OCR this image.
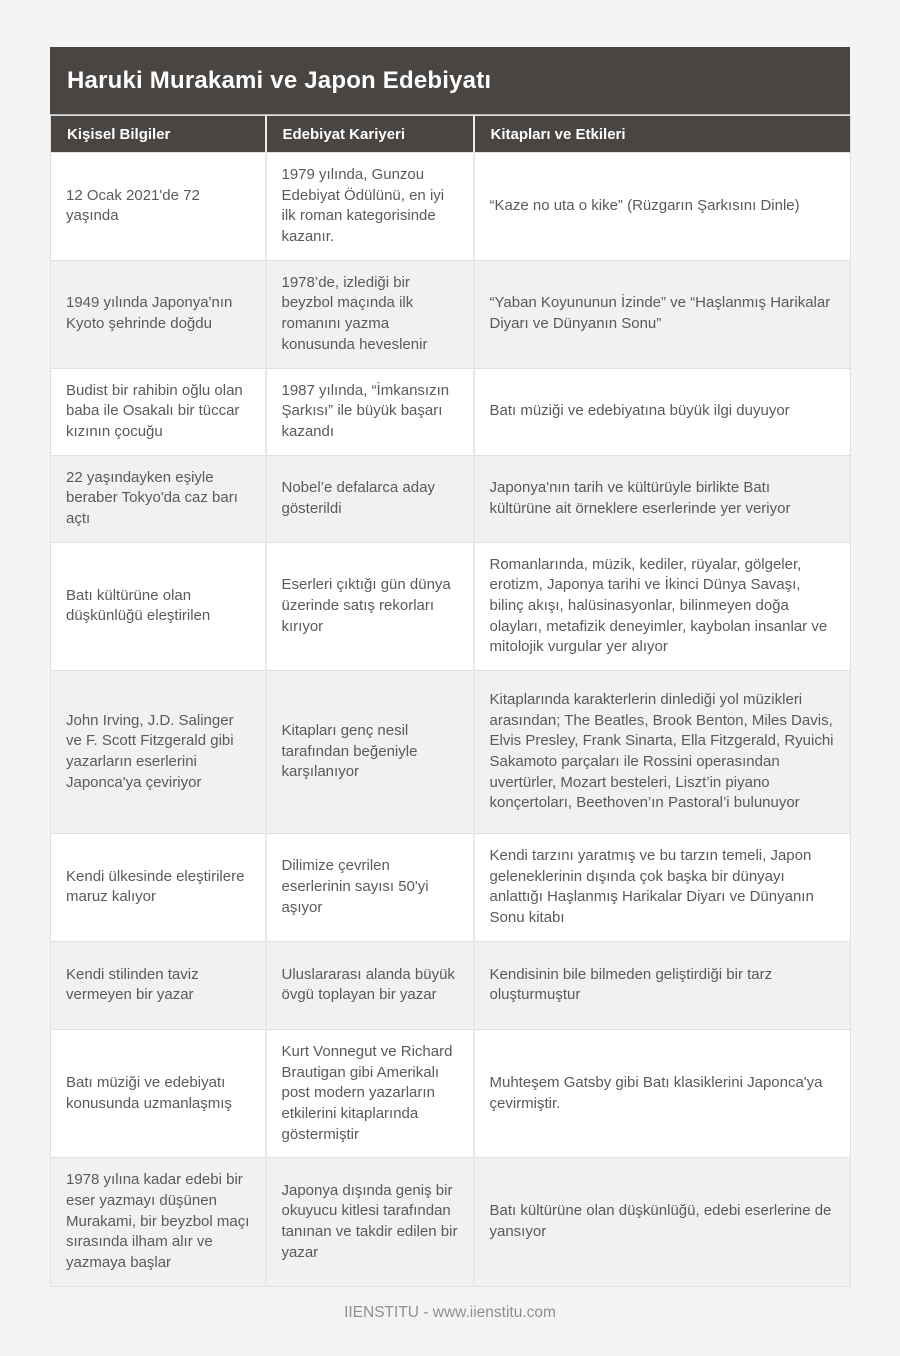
Haruki Murakami ve Japon Edebiyatı
Kişisel Bilgiler	Edebiyat Kariyeri	Kitapları ve Etkileri
12 Ocak 2021'de 72 yaşında	1979 yılında, Gunzou Edebiyat Ödülünü, en iyi ilk roman kategorisinde kazanır.	“Kaze no uta o kike” (Rüzgarın Şarkısını Dinle)
1949 yılında Japonya'nın Kyoto şehrinde doğdu	1978’de, izlediği bir beyzbol maçında ilk romanını yazma konusunda heveslenir	“Yaban Koyununun İzinde” ve “Haşlanmış Harikalar Diyarı ve Dünyanın Sonu”
Budist bir rahibin oğlu olan baba ile Osakalı bir tüccar kızının çocuğu	1987 yılında, “İmkansızın Şarkısı” ile büyük başarı kazandı	Batı müziği ve edebiyatına büyük ilgi duyuyor
22 yaşındayken eşiyle beraber Tokyo'da caz barı açtı	Nobel’e defalarca aday gösterildi	Japonya'nın tarih ve kültürüyle birlikte Batı kültürüne ait örneklere eserlerinde yer veriyor
Batı kültürüne olan düşkünlüğü eleştirilen	Eserleri çıktığı gün dünya üzerinde satış rekorları kırıyor	Romanlarında, müzik, kediler, rüyalar, gölgeler, erotizm, Japonya tarihi ve İkinci Dünya Savaşı, bilinç akışı, halüsinasyonlar, bilinmeyen doğa olayları, metafizik deneyimler, kaybolan insanlar ve mitolojik vurgular yer alıyor
John Irving, J.D. Salinger ve F. Scott Fitzgerald gibi yazarların eserlerini Japonca'ya çeviriyor	Kitapları genç nesil tarafından beğeniyle karşılanıyor	Kitaplarında karakterlerin dinlediği yol müzikleri arasından; The Beatles, Brook Benton, Miles Davis, Elvis Presley, Frank Sinarta, Ella Fitzgerald, Ryuichi Sakamoto parçaları ile Rossini operasından uvertürler, Mozart besteleri, Liszt’in piyano konçertoları, Beethoven’ın Pastoral’i bulunuyor
Kendi ülkesinde eleştirilere maruz kalıyor	Dilimize çevrilen eserlerinin sayısı 50'yi aşıyor	Kendi tarzını yaratmış ve bu tarzın temeli, Japon geleneklerinin dışında çok başka bir dünyayı anlattığı Haşlanmış Harikalar Diyarı ve Dünyanın Sonu kitabı
Kendi stilinden taviz vermeyen bir yazar	Uluslararası alanda büyük övgü toplayan bir yazar	Kendisinin bile bilmeden geliştirdiği bir tarz oluşturmuştur
Batı müziği ve edebiyatı konusunda uzmanlaşmış	Kurt Vonnegut ve Richard Brautigan gibi Amerikalı post modern yazarların etkilerini kitaplarında göstermiştir	Muhteşem Gatsby gibi Batı klasiklerini Japonca'ya çevirmiştir.
1978 yılına kadar edebi bir eser yazmayı düşünen Murakami, bir beyzbol maçı sırasında ilham alır ve yazmaya başlar	Japonya dışında geniş bir okuyucu kitlesi tarafından tanınan ve takdir edilen bir yazar	Batı kültürüne olan düşkünlüğü, edebi eserlerine de yansıyor
IIENSTITU - www.iienstitu.com
